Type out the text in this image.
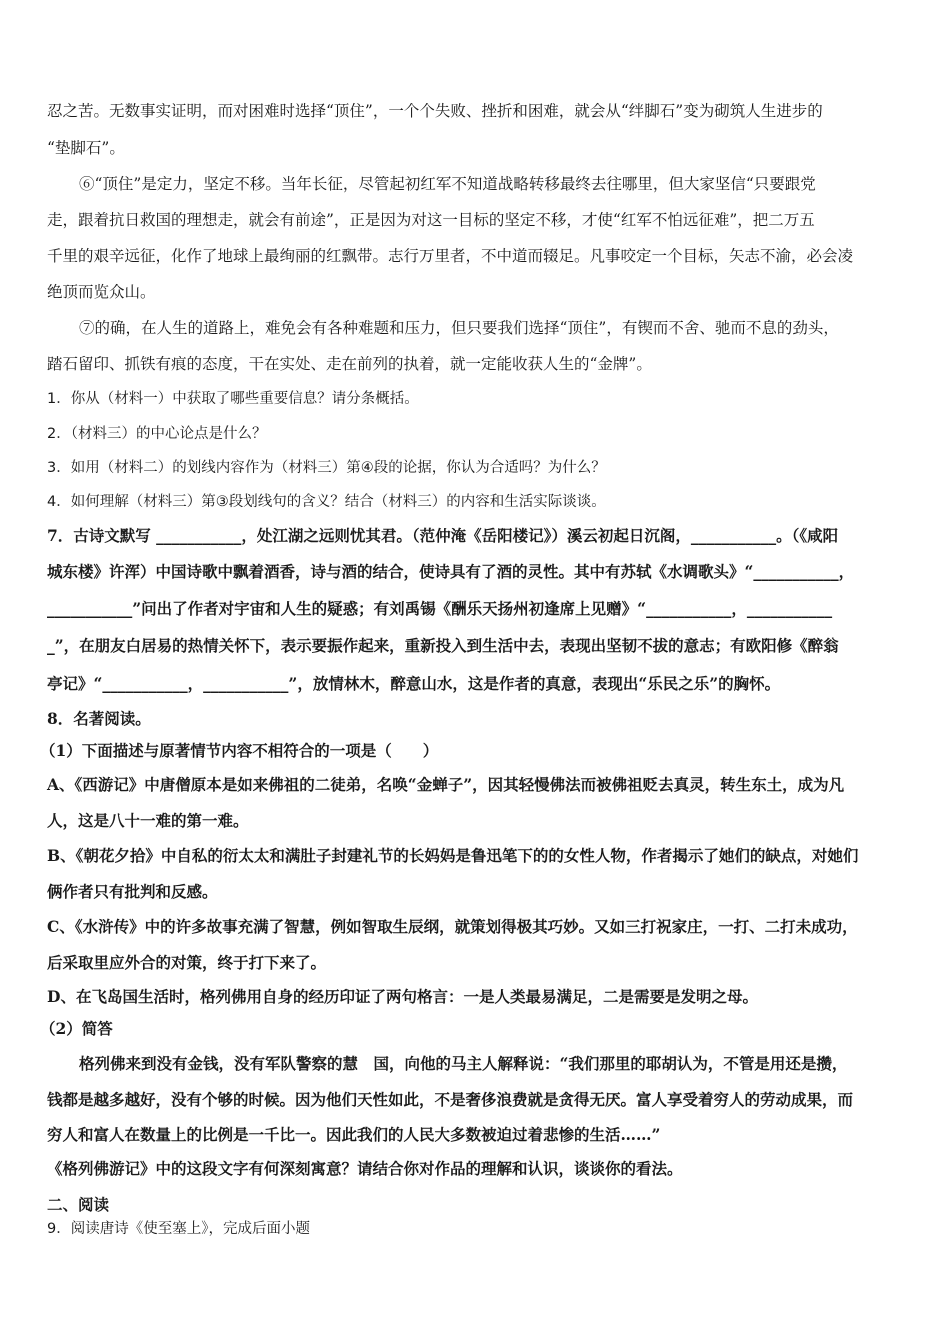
忍之苦。无数事实证明，而对困难时选择“顶住”，一个个失败、挫折和困难，就会从“绊脚石”变为砌筑人生进步的
“垫脚石”。
⑥“顶住”是定力，坚定不移。当年长征，尽管起初红军不知道战略转移最终去往哪里，但大家坚信“只要跟党
走，跟着抗日救国的理想走，就会有前途”，正是因为对这一目标的坚定不移，才使“红军不怕远征难”，把二万五
千里的艰辛远征，化作了地球上最绚丽的红飘带。志行万里者，不中道而辍足。凡事咬定一个目标，矢志不渝，必会凌
绝顶而览众山。
⑦的确，在人生的道路上，难免会有各种难题和压力，但只要我们选择“顶住”，有锲而不舍、驰而不息的劲头，
踏石留印、抓铁有痕的态度，干在实处、走在前列的执着，就一定能收获人生的“金牌”。
1．你从（材料一）中获取了哪些重要信息？请分条概括。
2．（材料三）的中心论点是什么？
3．如用（材料二）的划线内容作为（材料三）第④段的论据，你认为合适吗？为什么？
4．如何理解（材料三）第③段划线句的含义？结合（材料三）的内容和生活实际谈谈。
7．古诗文默写 ___________，处江湖之远则忧其君。（范仲淹《岳阳楼记》）溪云初起日沉阁，___________。（《咸阳
城东楼》许浑）中国诗歌中飘着酒香，诗与酒的结合，使诗具有了酒的灵性。其中有苏轼《水调歌头》“___________，
___________”问出了作者对宇宙和人生的疑惑；有刘禹锡《酬乐天扬州初逢席上见赠》“___________，___________
_”，在朋友白居易的热情关怀下，表示要振作起来，重新投入到生活中去，表现出坚韧不拔的意志；有欧阳修《醉翁
亭记》“___________，___________”，放情林木，醉意山水，这是作者的真意，表现出“乐民之乐”的胸怀。
8．名著阅读。
（1）下面描述与原著情节内容不相符合的一项是（　　）
A、《西游记》中唐僧原本是如来佛祖的二徒弟，名唤“金蝉子”，因其轻慢佛法而被佛祖贬去真灵，转生东土，成为凡
人，这是八十一难的第一难。
B、《朝花夕拾》中自私的衍太太和满肚子封建礼节的长妈妈是鲁迅笔下的的女性人物，作者揭示了她们的缺点，对她们
俩作者只有批判和反感。
C、《水浒传》中的许多故事充满了智慧，例如智取生辰纲，就策划得极其巧妙。又如三打祝家庄，一打、二打未成功，
后采取里应外合的对策，终于打下来了。
D、在飞岛国生活时，格列佛用自身的经历印证了两句格言：一是人类最易满足，二是需要是发明之母。
（2）简答
格列佛来到没有金钱，没有军队警察的慧　国，向他的马主人解释说：“我们那里的耶胡认为，不管是用还是攒，
钱都是越多越好，没有个够的时候。因为他们天性如此，不是奢侈浪费就是贪得无厌。富人享受着穷人的劳动成果，而
穷人和富人在数量上的比例是一千比一。因此我们的人民大多数被迫过着悲惨的生活……”
《格列佛游记》中的这段文字有何深刻寓意？请结合你对作品的理解和认识，谈谈你的看法。
二、阅读
9．阅读唐诗《使至塞上》，完成后面小题
